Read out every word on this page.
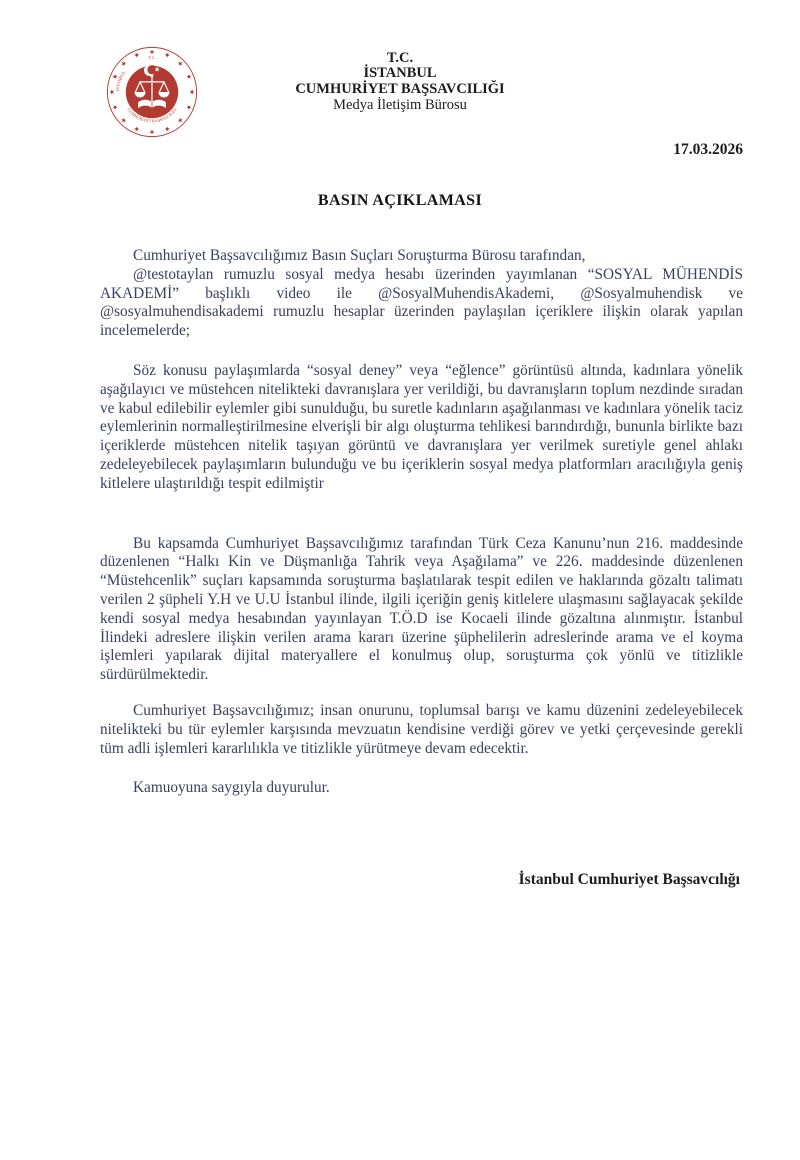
İSTANBUL
T.C.
CUMHURİYET BAŞSAVCILIĞI
T.C.
İSTANBUL
CUMHURİYET BAŞSAVCILIĞI
Medya İletişim Bürosu
17.03.2026
BASIN AÇIKLAMASI

Cumhuriyet Başsavcılığımız Basın Suçları Soruşturma Bürosu tarafından,

@testotaylan rumuzlu sosyal medya hesabı üzerinden yayımlanan “SOSYAL MÜHENDİS AKADEMİ” başlıklı video ile @SosyalMuhendisAkademi, @Sosyalmuhendisk ve @sosyalmuhendisakademi rumuzlu hesaplar üzerinden paylaşılan içeriklere ilişkin olarak yapılan incelemelerde;

Söz konusu paylaşımlarda “sosyal deney” veya “eğlence” görüntüsü altında, kadınlara yönelik aşağılayıcı ve müstehcen nitelikteki davranışlara yer verildiği, bu davranışların toplum nezdinde sıradan ve kabul edilebilir eylemler gibi sunulduğu, bu suretle kadınların aşağılanması ve kadınlara yönelik taciz eylemlerinin normalleştirilmesine elverişli bir algı oluşturma tehlikesi barındırdığı, bununla birlikte bazı içeriklerde müstehcen nitelik taşıyan görüntü ve davranışlara yer verilmek suretiyle genel ahlakı zedeleyebilecek paylaşımların bulunduğu ve bu içeriklerin sosyal medya platformları aracılığıyla geniş kitlelere ulaştırıldığı tespit edilmiştir

Bu kapsamda Cumhuriyet Başsavcılığımız tarafından Türk Ceza Kanunu’nun 216. maddesinde düzenlenen “Halkı Kin ve Düşmanlığa Tahrik veya Aşağılama” ve 226. maddesinde düzenlenen “Müstehcenlik” suçları kapsamında soruşturma başlatılarak tespit edilen ve haklarında gözaltı talimatı verilen 2 şüpheli Y.H ve U.U İstanbul ilinde, ilgili içeriğin geniş kitlelere ulaşmasını sağlayacak şekilde kendi sosyal medya hesabından yayınlayan T.Ö.D ise Kocaeli ilinde gözaltına alınmıştır. İstanbul İlindeki adreslere ilişkin verilen arama kararı üzerine şüphelilerin adreslerinde arama ve el koyma işlemleri yapılarak dijital materyallere el konulmuş olup, soruşturma çok yönlü ve titizlikle sürdürülmektedir.

Cumhuriyet Başsavcılığımız; insan onurunu, toplumsal barışı ve kamu düzenini zedeleyebilecek nitelikteki bu tür eylemler karşısında mevzuatın kendisine verdiği görev ve yetki çerçevesinde gerekli tüm adli işlemleri kararlılıkla ve titizlikle yürütmeye devam edecektir.

Kamuoyuna saygıyla duyurulur.

İstanbul Cumhuriyet Başsavcılığı
